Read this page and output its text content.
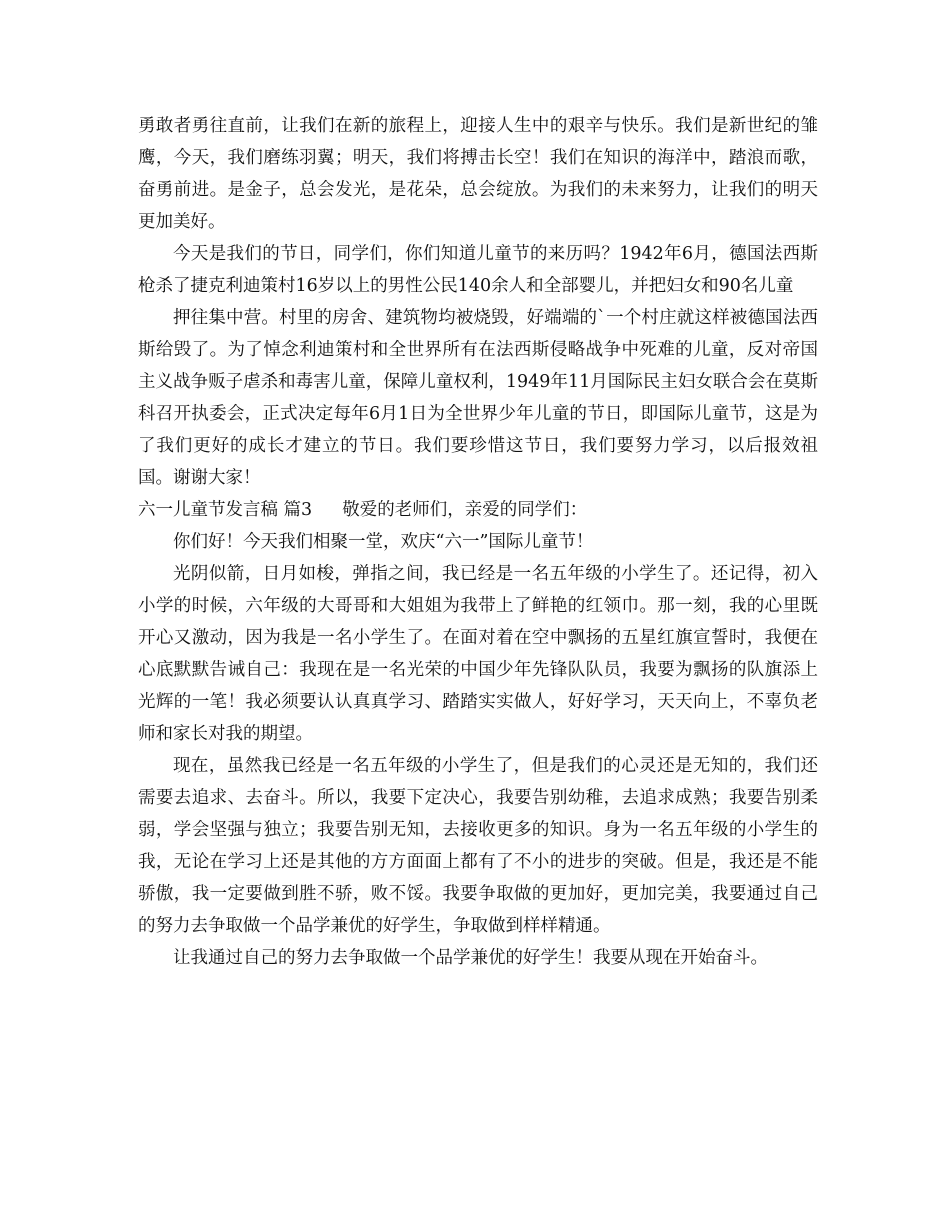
勇敢者勇往直前，让我们在新的旅程上，迎接人生中的艰辛与快乐。我们是新世纪的雏鹰，今天，我们磨练羽翼；明天，我们将搏击长空！我们在知识的海洋中，踏浪而歌，奋勇前进。是金子，总会发光，是花朵，总会绽放。为我们的未来努力，让我们的明天更加美好。

今天是我们的节日，同学们，你们知道儿童节的来历吗？1942年6月，德国法西斯枪杀了捷克利迪策村16岁以上的男性公民140余人和全部婴儿，并把妇女和90名儿童

押往集中营。村里的房舍、建筑物均被烧毁，好端端的`一个村庄就这样被德国法西斯给毁了。为了悼念利迪策村和全世界所有在法西斯侵略战争中死难的儿童，反对帝国主义战争贩子虐杀和毒害儿童，保障儿童权利，1949年11月国际民主妇女联合会在莫斯科召开执委会，正式决定每年6月1日为全世界少年儿童的节日，即国际儿童节，这是为了我们更好的成长才建立的节日。我们要珍惜这节日，我们要努力学习，以后报效祖国。谢谢大家！

六一儿童节发言稿 篇3 敬爱的老师们，亲爱的同学们：

你们好！今天我们相聚一堂，欢庆“六一”国际儿童节！

光阴似箭，日月如梭，弹指之间，我已经是一名五年级的小学生了。还记得，初入小学的时候，六年级的大哥哥和大姐姐为我带上了鲜艳的红领巾。那一刻，我的心里既开心又激动，因为我是一名小学生了。在面对着在空中飘扬的五星红旗宣誓时，我便在心底默默告诫自己：我现在是一名光荣的中国少年先锋队队员，我要为飘扬的队旗添上光辉的一笔！我必须要认认真真学习、踏踏实实做人，好好学习，天天向上，不辜负老师和家长对我的期望。

现在，虽然我已经是一名五年级的小学生了，但是我们的心灵还是无知的，我们还需要去追求、去奋斗。所以，我要下定决心，我要告别幼稚，去追求成熟；我要告别柔弱，学会坚强与独立；我要告别无知，去接收更多的知识。身为一名五年级的小学生的我，无论在学习上还是其他的方方面面上都有了不小的进步的突破。但是，我还是不能骄傲，我一定要做到胜不骄，败不馁。我要争取做的更加好，更加完美，我要通过自己的努力去争取做一个品学兼优的好学生，争取做到样样精通。

让我通过自己的努力去争取做一个品学兼优的好学生！我要从现在开始奋斗。
